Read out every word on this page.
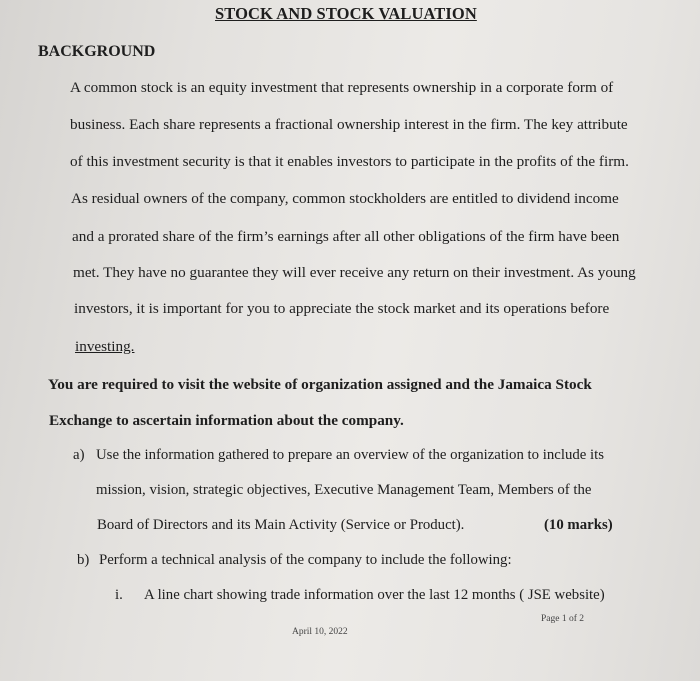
STOCK AND STOCK VALUATION
BACKGROUND
A common stock is an equity investment that represents ownership in a corporate form of
business. Each share represents a fractional ownership interest in the firm. The key attribute
of this investment security is that it enables investors to participate in the profits of the firm.
As residual owners of the company, common stockholders are entitled to dividend income
and a prorated share of the firm’s earnings after all other obligations of the firm have been
met. They have no guarantee they will ever receive any return on their investment. As young
investors, it is important for you to appreciate the stock market and its operations before
investing.
You are required to visit the website of organization assigned and the Jamaica Stock
Exchange to ascertain information about the company.
a) Use the information gathered to prepare an overview of the organization to include its
mission, vision, strategic objectives, Executive Management Team, Members of the
Board of Directors and its Main Activity (Service or Product).	(10 marks)
b) Perform a technical analysis of the company to include the following:
i. A line chart showing trade information over the last 12 months ( JSE website)
Page 1 of 2
April 10, 2022
